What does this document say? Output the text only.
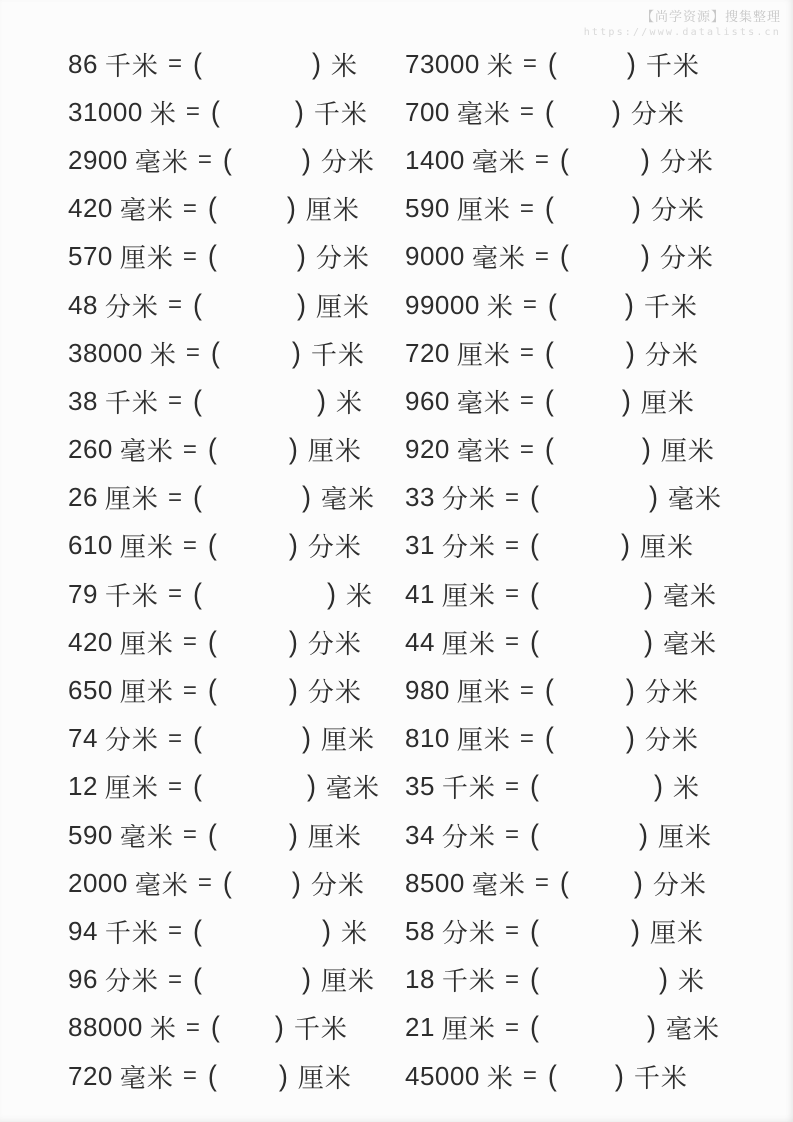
【尚学资源】搜集整理
https://www.datalists.cn
86 千米 = (	) 米 73000 米 = (	) 千米
31000 米 = (	) 千米 700 毫米 = ( ) 分米
2900 毫米 = (	) 分米 1400 毫米 = (	) 分米
420 毫米 = (	) 厘米 590 厘米 = (	) 分米
570 厘米 = (	) 分米 9000 毫米 = (	) 分米
48 分米 = (	) 厘米 99000 米 = (	) 千米
38000 米 = (	) 千米 720 厘米 = (	) 分米
38 千米 = (	) 米 960 毫米 = (	) 厘米
260 毫米 = (	) 厘米 920 毫米 = (	) 厘米
26 厘米 = (	) 毫米 33 分米 = (	) 毫米
610 厘米 = (	) 分米 31 分米 = (	) 厘米
79 千米 = (	) 米 41 厘米 = (	) 毫米
420 厘米 = (	) 分米 44 厘米 = (	) 毫米
650 厘米 = (	) 分米 980 厘米 = (	) 分米
74 分米 = (	) 厘米 810 厘米 = (	) 分米
12 厘米 = (	) 毫米 35 千米 = (	) 米
590 毫米 = (	) 厘米 34 分米 = (	) 厘米
2000 毫米 = ( ) 分米 8500 毫米 = ( ) 分米
94 千米 = (	) 米 58 分米 = (	) 厘米
96 分米 = (	) 厘米 18 千米 = (	) 米
88000 米 = ( ) 千米 21 厘米 = (	) 毫米
720 毫米 = ( ) 厘米 45000 米 = ( ) 千米
